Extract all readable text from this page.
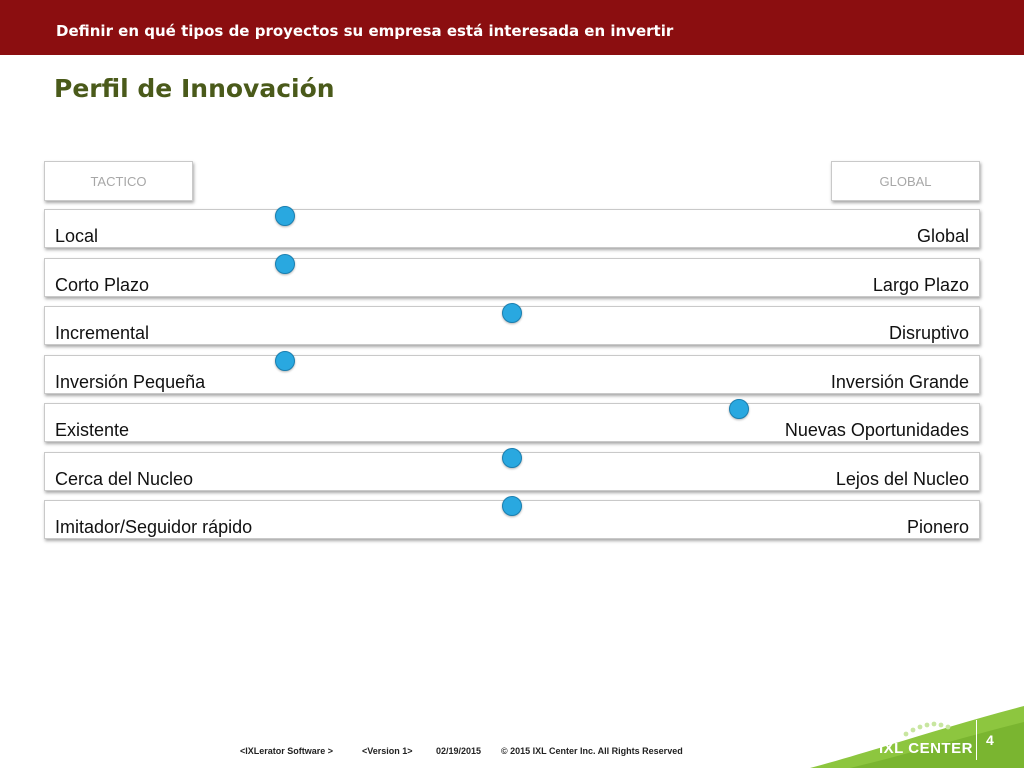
Definir en qué tipos de proyectos su empresa está interesada en invertir
Perfil de Innovación
TACTICO	GLOBAL
Local	Global
Corto Plazo	Largo Plazo
Incremental	Disruptivo
Inversión Pequeña	Inversión Grande
Existente	Nuevas Oportunidades
Cerca del Nucleo	Lejos del Nucleo
Imitador/Seguidor rápido	Pionero
<IXLerator Software >	<Version 1>	02/19/2015 © 2015 IXL Center Inc. All Rights Reserved	IXL CENTER 4
